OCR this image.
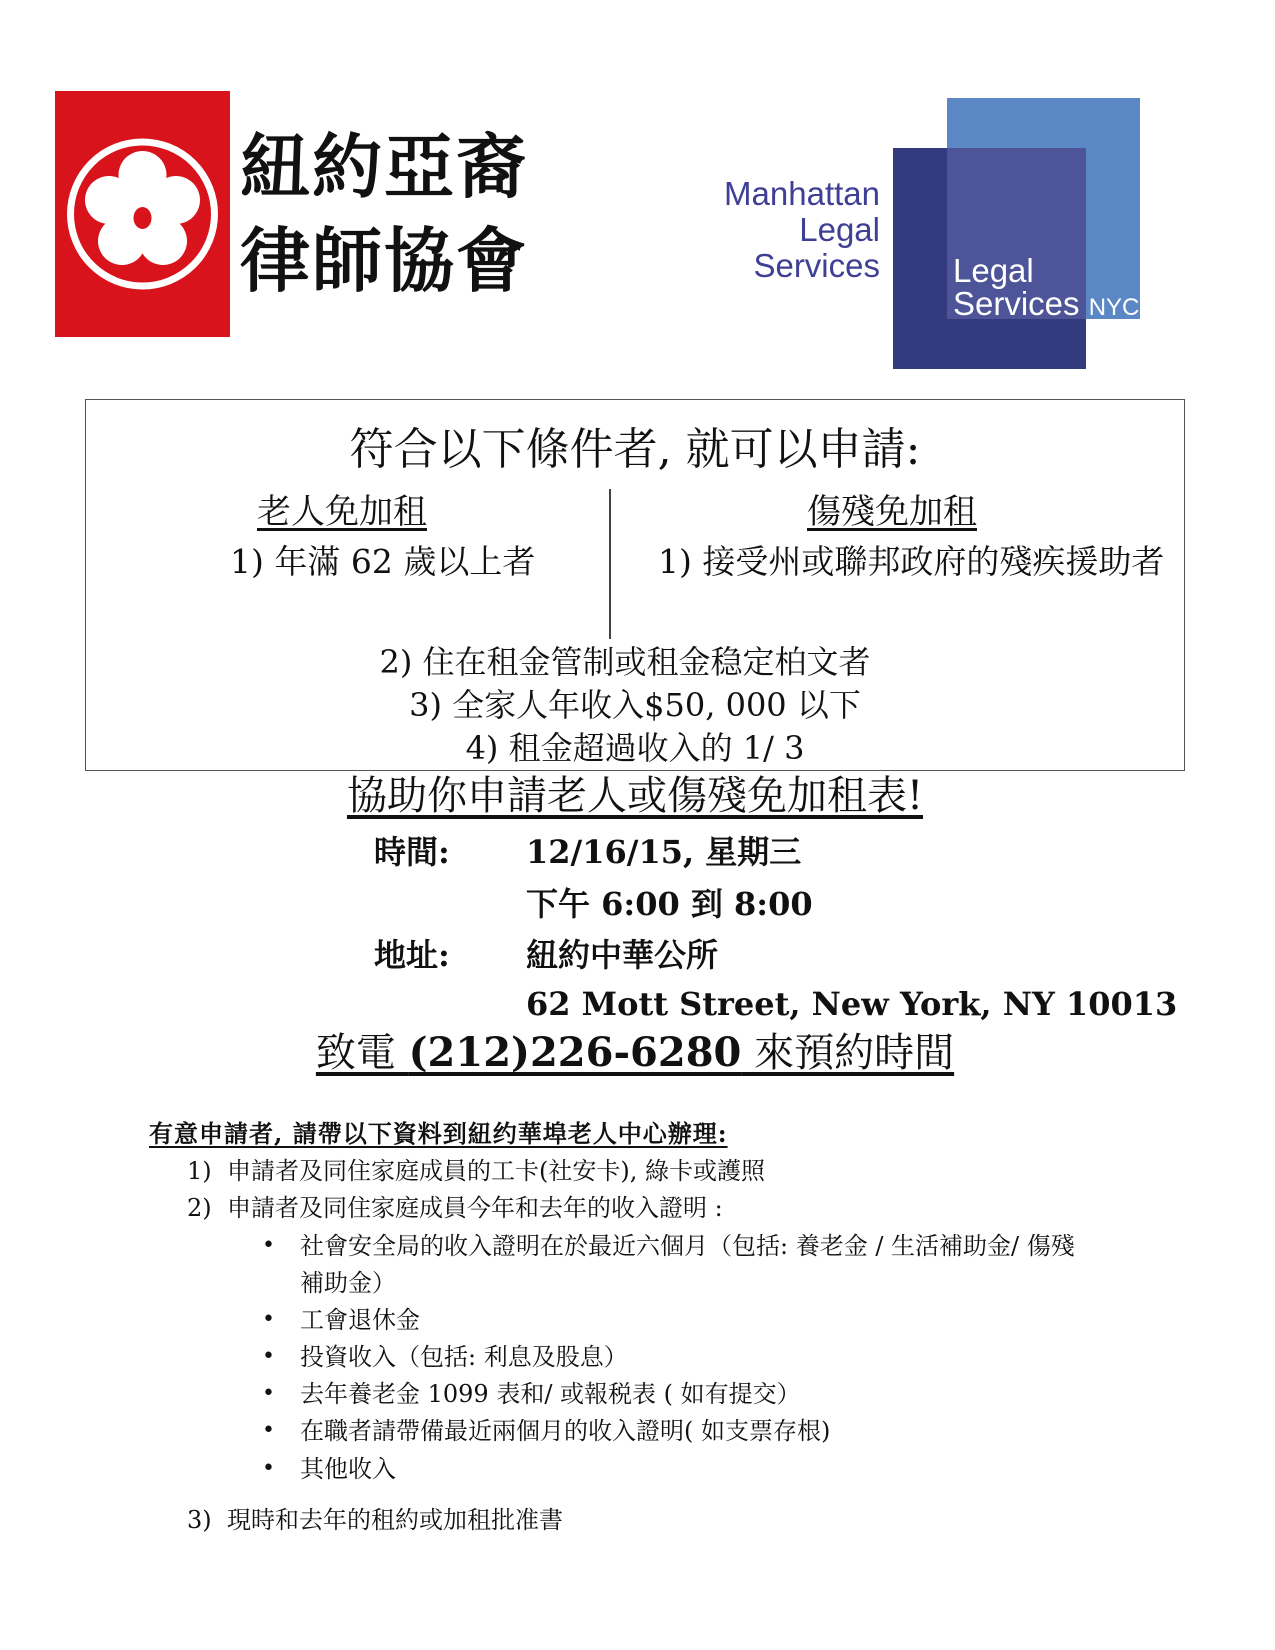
紐約亞裔
律師協會
Manhattan
Legal
Services Legal
Services NYC
符合以下條件者, 就可以申請:
老人免加租	傷殘免加租
1) 年滿 62 歲以上者	1) 接受州或聯邦政府的殘疾援助者
2) 住在租金管制或租金稳定柏文者
3) 全家人年收入$50, 000 以下
4) 租金超過收入的 1/ 3
協助你申請老人或傷殘免加租表!
時間: 12/16/15, 星期三
下午 6:00 到 8:00
地址: 紐約中華公所
62 Mott Street, New York, NY 10013
致電 (212)226-6280 來預約時間
有意申請者, 請帶以下資料到紐约華埠老人中心辦理:
1) 申請者及同住家庭成員的工卡(社安卡), 綠卡或護照
2) 申請者及同住家庭成員今年和去年的收入證明 :
• 社會安全局的收入證明在於最近六個月（包括: 養老金 / 生活補助金/ 傷殘
補助金）
• 工會退休金
• 投資收入（包括: 利息及股息）
• 去年養老金 1099 表和/ 或報税表 ( 如有提交）
• 在職者請帶備最近兩個月的收入證明( 如支票存根)
• 其他收入
3) 現時和去年的租約或加租批准書
